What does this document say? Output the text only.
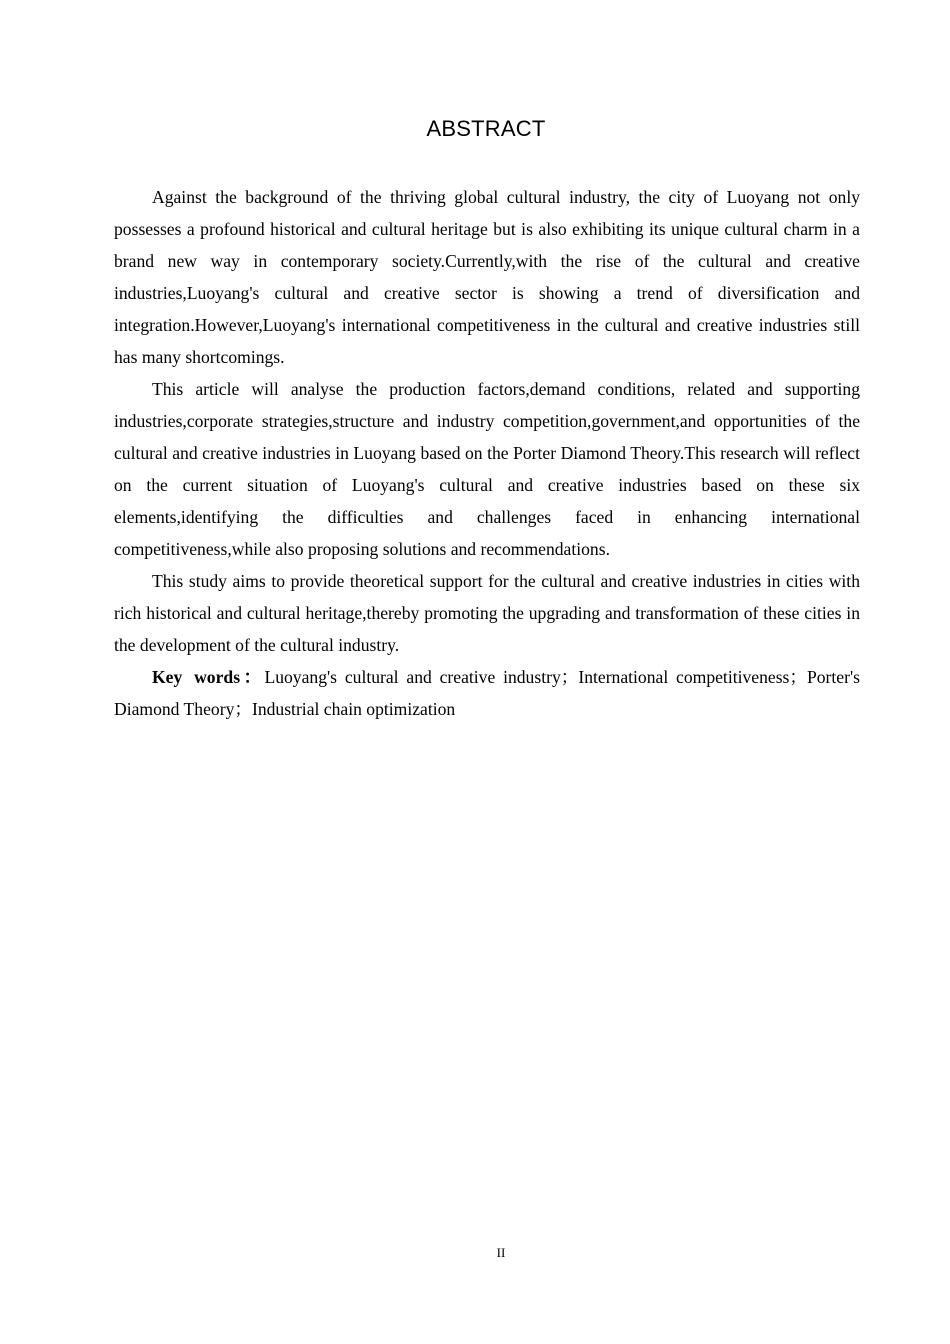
ABSTRACT

Against the background of the thriving global cultural industry, the city of Luoyang not only possesses a profound historical and cultural heritage but is also exhibiting its unique cultural charm in a brand new way in contemporary society.Currently,with the rise of the cultural and creative industries,Luoyang's cultural and creative sector is showing a trend of diversification and integration.However,Luoyang's international competitiveness in the cultural and creative industries still has many shortcomings.

This article will analyse the production factors,demand conditions, related and supporting industries,corporate strategies,structure and industry competition,government,and opportunities of the cultural and creative industries in Luoyang based on the Porter Diamond Theory.This research will reflect on the current situation of Luoyang's cultural and creative industries based on these six elements,identifying the difficulties and challenges faced in enhancing international competitiveness,while also proposing solutions and recommendations.

This study aims to provide theoretical support for the cultural and creative industries in cities with rich historical and cultural heritage,thereby promoting the upgrading and transformation of these cities in the development of the cultural industry.

Key words：Luoyang's cultural and creative industry；International competitiveness；Porter's Diamond Theory；Industrial chain optimization

II
